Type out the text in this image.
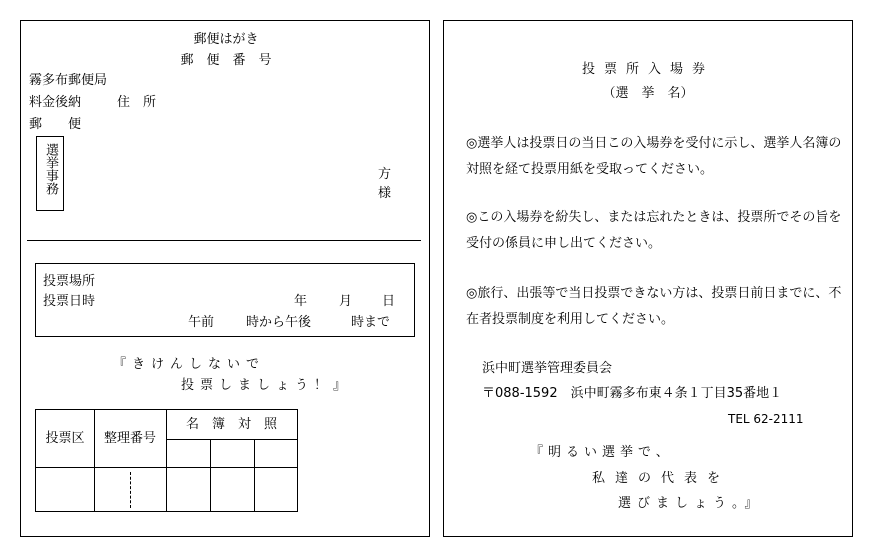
郵便はがき
郵　便　番　号
霧多布郵便局
料金後納	住　所
郵　　便
選挙事務	方
様
投票場所
投票日時	年 月 日
午前 時から午後	時まで
『きけんしないで
投票しましょう！』
投票区	整理番号
名　簿　対　照
投票所入場券
（選　挙　名）
◎選挙人は投票日の当日この入場券を受付に示し、選挙人名簿の対照を経て投票用紙を受取ってください。
◎この入場券を紛失し、または忘れたときは、投票所でその旨を受付の係員に申し出てください。
◎旅行、出張等で当日投票できない方は、投票日前日までに、不在者投票制度を利用してください。
浜中町選挙管理委員会
〒088-1592　浜中町霧多布東４条１丁目35番地１
TEL 62-2111
『明るい選挙で、
私達の代表を
選びましょう。』
